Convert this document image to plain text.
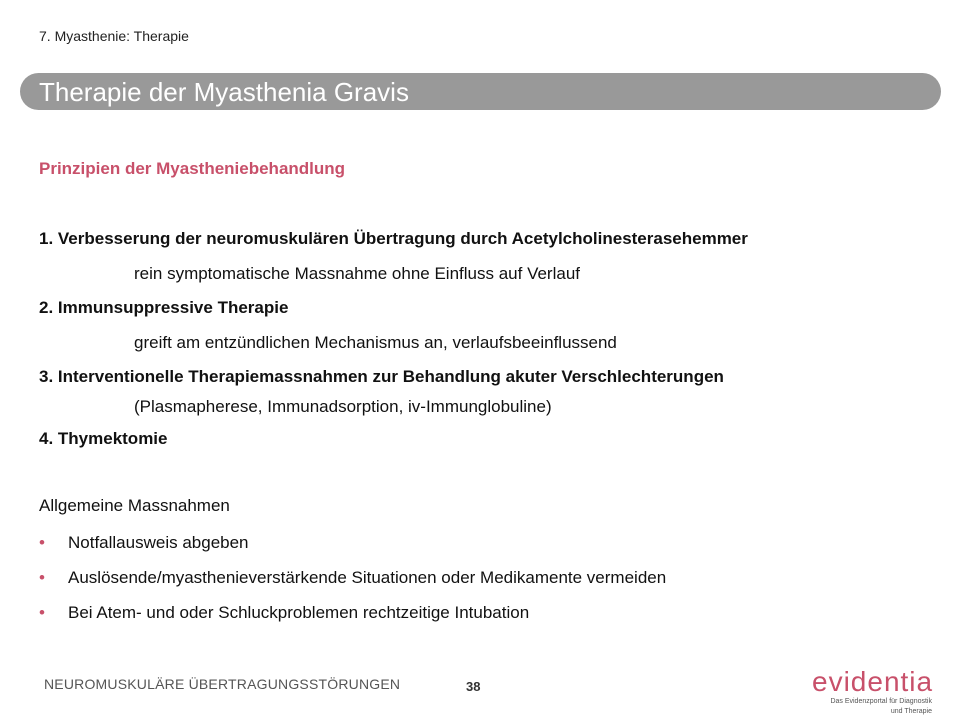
7. Myasthenie: Therapie
Therapie der Myasthenia Gravis
Prinzipien der Myastheniebehandlung
1. Verbesserung der neuromuskulären Übertragung durch Acetylcholinesterasehemmer
rein symptomatische Massnahme ohne Einfluss auf Verlauf
2. Immunsuppressive Therapie
greift am entzündlichen Mechanismus an, verlaufsbeeinflussend
3. Interventionelle Therapiemassnahmen zur Behandlung akuter Verschlechterungen
(Plasmapherese, Immunadsorption, iv-Immunglobuline)
4. Thymektomie
Allgemeine Massnahmen
• Notfallausweis abgeben
• Auslösende/myasthenieverstärkende Situationen oder Medikamente vermeiden
• Bei Atem- und oder Schluckproblemen rechtzeitige Intubation
NEUROMUSKULÄRE ÜBERTRAGUNGSSTÖRUNGEN	38	evidentia
Das Evidenzportal für Diagnostik
und Therapie
